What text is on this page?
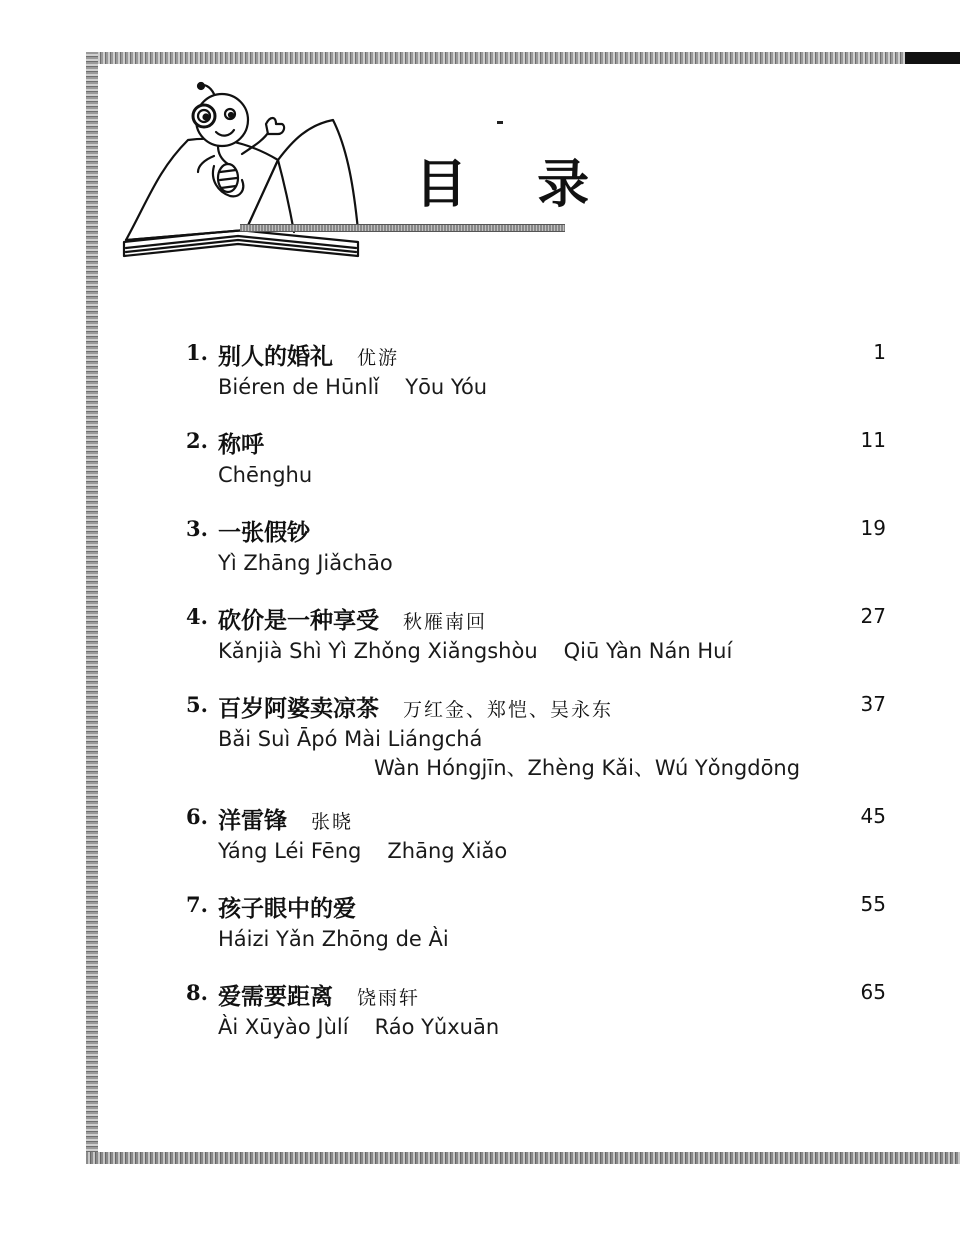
目 录
1. 别人的婚礼 优游	1
Biéren de Hūnlǐ Yōu Yóu
2. 称呼	11
Chēnghu
3. 一张假钞	19
Yì Zhāng Jiǎchāo
4. 砍价是一种享受 秋雁南回	27
Kǎnjià Shì Yì Zhǒng Xiǎngshòu Qiū Yàn Nán Huí
5. 百岁阿婆卖凉茶 万红金、郑恺、吴永东	37
Bǎi Suì Āpó Mài Liángchá
Wàn Hóngjīn、Zhèng Kǎi、Wú Yǒngdōng
6. 洋雷锋 张晓	45
Yáng Léi Fēng Zhāng Xiǎo
7. 孩子眼中的爱	55
Háizi Yǎn Zhōng de Ài
8. 爱需要距离 饶雨轩	65
Ài Xūyào Jùlí Ráo Yǔxuān
